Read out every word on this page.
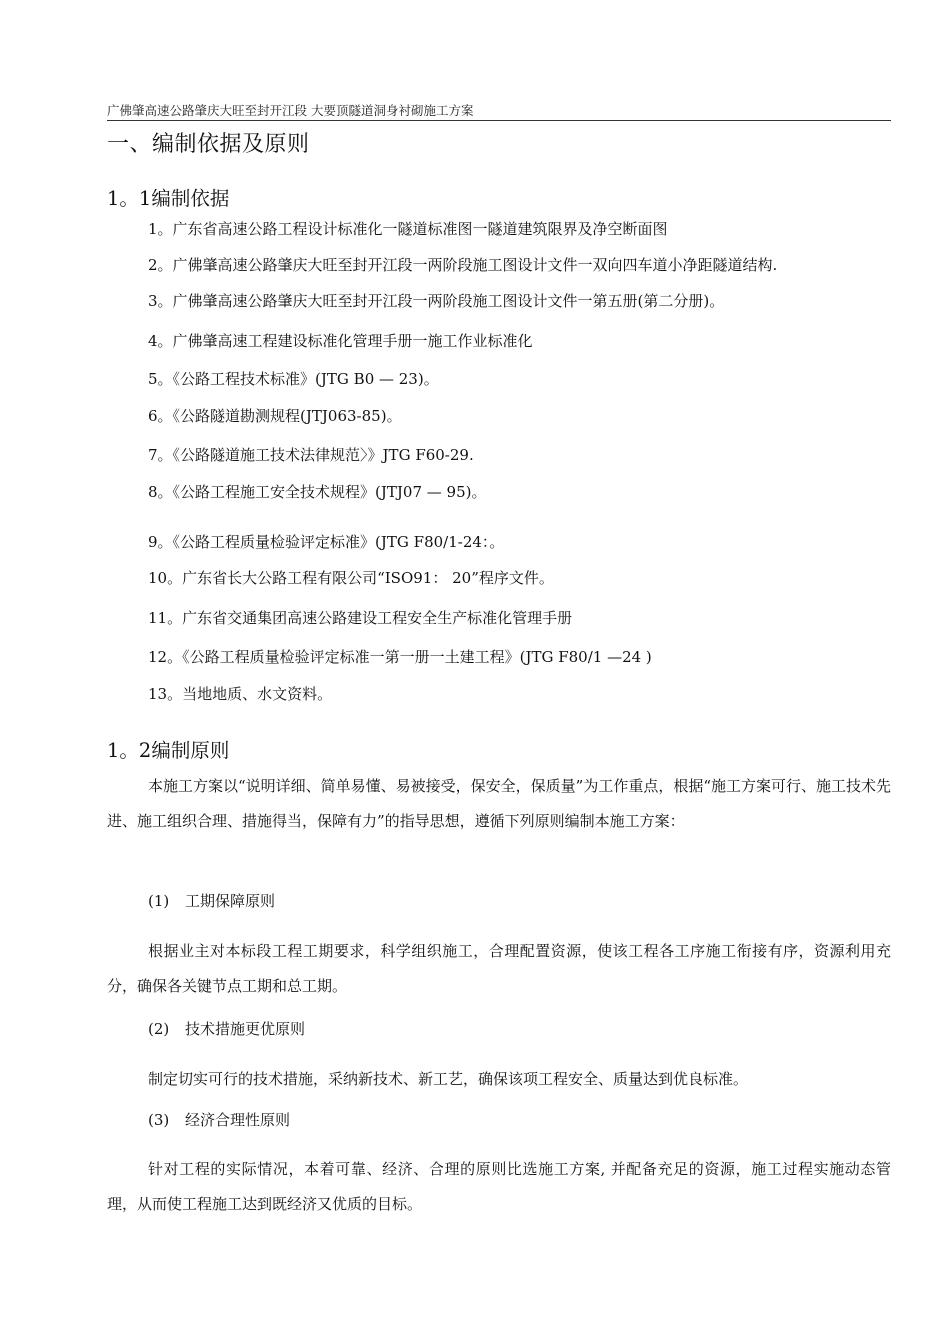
广佛肇高速公路肇庆大旺至封开江段 大要顶隧道洞身衬砌施工方案
一、编制依据及原则
1。1编制依据
1。广东省高速公路工程设计标准化一隧道标准图一隧道建筑限界及净空断面图
2。广佛肇高速公路肇庆大旺至封开江段一两阶段施工图设计文件一双向四车道小净距隧道结构.
3。广佛肇高速公路肇庆大旺至封开江段一两阶段施工图设计文件一第五册(第二分册)。
4。广佛肇高速工程建设标准化管理手册一施工作业标准化
5。《公路工程技术标准》(JTG B0 — 23)。
6。《公路隧道勘测规程(JTJ063-85)。
7。《公路隧道施工技术法律规范〉》JTG F60-29.
8。《公路工程施工安全技术规程》(JTJ07 — 95)。
9。《公路工程质量检验评定标准》(JTG F80/1-24：。
10。广东省长大公路工程有限公司“ISO91： 20”程序文件。
11。广东省交通集团高速公路建设工程安全生产标准化管理手册
12。《公路工程质量检验评定标准一第一册一土建工程》(JTG F80/1 —24 )
13。当地地质、水文资料。
1。2编制原则
本施工方案以“说明详细、简单易懂、易被接受，保安全，保质量”为工作重点，根据“施工方案可行、施工技术先进、施工组织合理、措施得当，保障有力”的指导思想，遵循下列原则编制本施工方案：
(1) 工期保障原则
根据业主对本标段工程工期要求，科学组织施工，合理配置资源，使该工程各工序施工衔接有序，资源利用充分，确保各关键节点工期和总工期。
(2) 技术措施更优原则
制定切实可行的技术措施，采纳新技术、新工艺，确保该项工程安全、质量达到优良标准。
(3) 经济合理性原则
针对工程的实际情况，本着可靠、经济、合理的原则比选施工方案, 并配备充足的资源，施工过程实施动态管理，从而使工程施工达到既经济又优质的目标。
